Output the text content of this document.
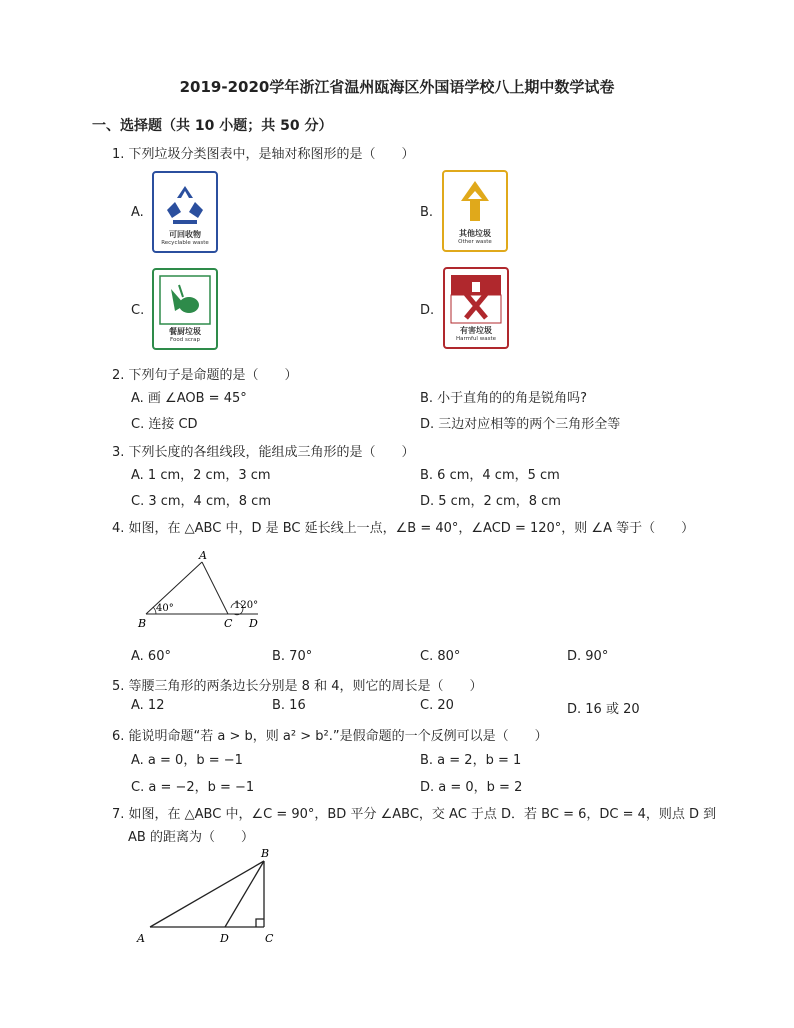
2019-2020学年浙江省温州瓯海区外国语学校八上期中数学试卷
一、选择题（共 10 小题；共 50 分）
1. 下列垃圾分类图表中，是轴对称图形的是（　　）
A.
可回收物
Recyclable waste
B.
其他垃圾
Other waste
C.
餐厨垃圾
Food scrap
D.
有害垃圾
Harmful waste
2. 下列句子是命题的是（　　）
A. 画 ∠AOB = 45°	B. 小于直角的的角是锐角吗?
C. 连接 CD	D. 三边对应相等的两个三角形全等
3. 下列长度的各组线段，能组成三角形的是（　　）
A. 1 cm，2 cm，3 cm	B. 6 cm，4 cm，5 cm
C. 3 cm，4 cm，8 cm	D. 5 cm，2 cm，8 cm
4. 如图，在 △ABC 中，D 是 BC 延长线上一点，∠B = 40°，∠ACD = 120°，则 ∠A 等于（　　）
A
B	C D
40°	120°
A. 60°	B. 70°	C. 80°	D. 90°
5. 等腰三角形的两条边长分别是 8 和 4，则它的周长是（　　）
A. 12	B. 16	C. 20	D. 16 或 20
6. 能说明命题“若 a > b，则 a² > b².”是假命题的一个反例可以是（　　）
A. a = 0，b = −1	B. a = 2，b = 1
C. a = −2，b = −1	D. a = 0，b = 2
7. 如图，在 △ABC 中，∠C = 90°，BD 平分 ∠ABC，交 AC 于点 D．若 BC = 6，DC = 4，则点 D 到
AB 的距离为（　　）
B
A	D	C
